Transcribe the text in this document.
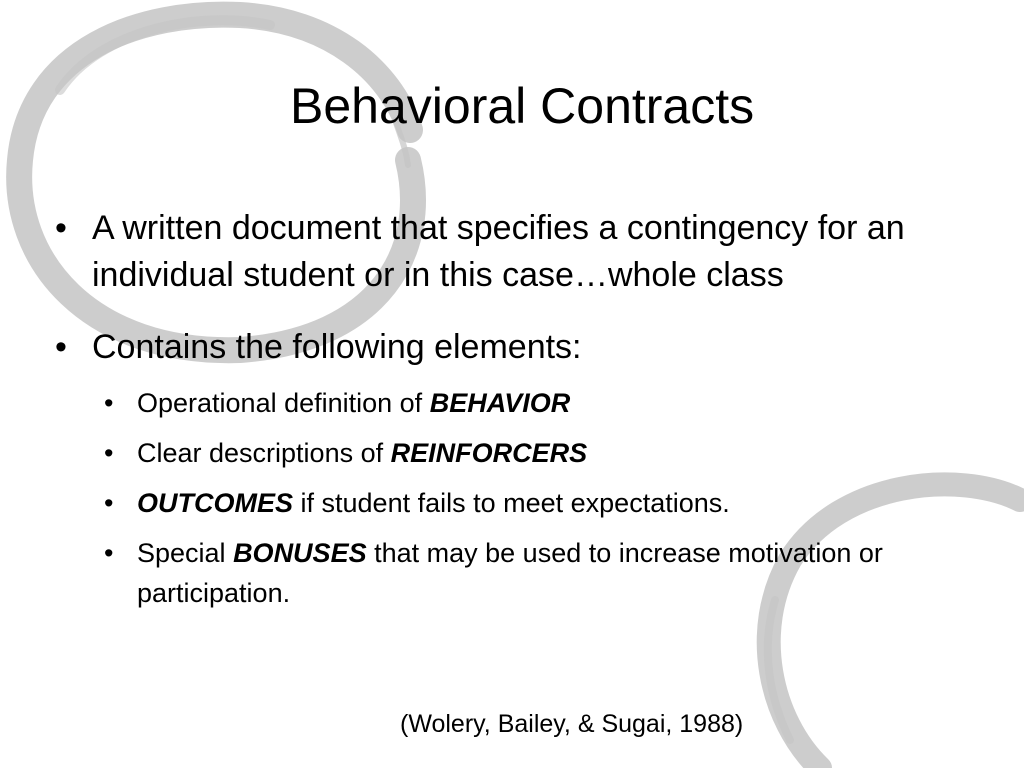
Behavioral Contracts
• A written document that specifies a contingency for an individual student or in this case…whole class
• Contains the following elements:
• Operational definition of BEHAVIOR
• Clear descriptions of REINFORCERS
• OUTCOMES if student fails to meet expectations.
• Special BONUSES that may be used to increase motivation or participation.
(Wolery, Bailey, & Sugai, 1988)
